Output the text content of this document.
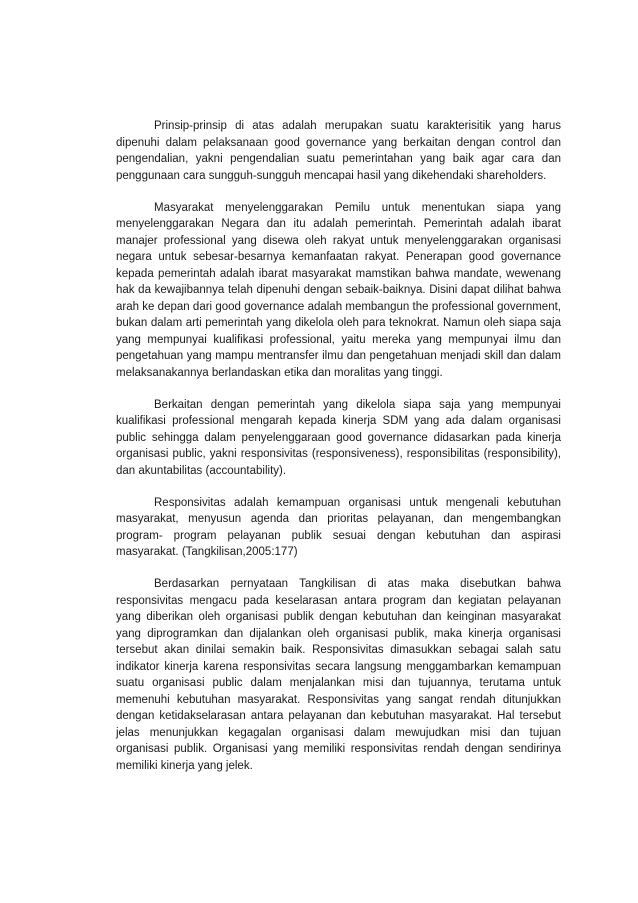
Prinsip-prinsip di atas adalah merupakan suatu karakterisitik yang harus dipenuhi dalam pelaksanaan good governance yang berkaitan dengan control dan pengendalian, yakni pengendalian suatu pemerintahan yang baik agar cara dan penggunaan cara sungguh-sungguh mencapai hasil yang dikehendaki shareholders.

Masyarakat menyelenggarakan Pemilu untuk menentukan siapa yang menyelenggarakan Negara dan itu adalah pemerintah. Pemerintah adalah ibarat manajer professional yang disewa oleh rakyat untuk menyelenggarakan organisasi negara untuk sebesar-besarnya kemanfaatan rakyat. Penerapan good governance kepada pemerintah adalah ibarat masyarakat mamstikan bahwa mandate, wewenang hak da kewajibannya telah dipenuhi dengan sebaik-baiknya. Disini dapat dilihat bahwa arah ke depan dari good governance adalah membangun the professional government, bukan dalam arti pemerintah yang dikelola oleh para teknokrat. Namun oleh siapa saja yang mempunyai kualifikasi professional, yaitu mereka yang mempunyai ilmu dan pengetahuan yang mampu mentransfer ilmu dan pengetahuan menjadi skill dan dalam melaksanakannya berlandaskan etika dan moralitas yang tinggi.

Berkaitan dengan pemerintah yang dikelola siapa saja yang mempunyai kualifikasi professional mengarah kepada kinerja SDM yang ada dalam organisasi public sehingga dalam penyelenggaraan good governance didasarkan pada kinerja organisasi public, yakni responsivitas (responsiveness), responsibilitas (responsibility), dan akuntabilitas (accountability).

Responsivitas adalah kemampuan organisasi untuk mengenali kebutuhan masyarakat, menyusun agenda dan prioritas pelayanan, dan mengembangkan program- program pelayanan publik sesuai dengan kebutuhan dan aspirasi masyarakat. (Tangkilisan,2005:177)

Berdasarkan pernyataan Tangkilisan di atas maka disebutkan bahwa responsivitas mengacu pada keselarasan antara program dan kegiatan pelayanan yang diberikan oleh organisasi publik dengan kebutuhan dan keinginan masyarakat yang diprogramkan dan dijalankan oleh organisasi publik, maka kinerja organisasi tersebut akan dinilai semakin baik. Responsivitas dimasukkan sebagai salah satu indikator kinerja karena responsivitas secara langsung menggambarkan kemampuan suatu organisasi public dalam menjalankan misi dan tujuannya, terutama untuk memenuhi kebutuhan masyarakat. Responsivitas yang sangat rendah ditunjukkan dengan ketidakselarasan antara pelayanan dan kebutuhan masyarakat. Hal tersebut jelas menunjukkan kegagalan organisasi dalam mewujudkan misi dan tujuan organisasi publik. Organisasi yang memiliki responsivitas rendah dengan sendirinya memiliki kinerja yang jelek.
